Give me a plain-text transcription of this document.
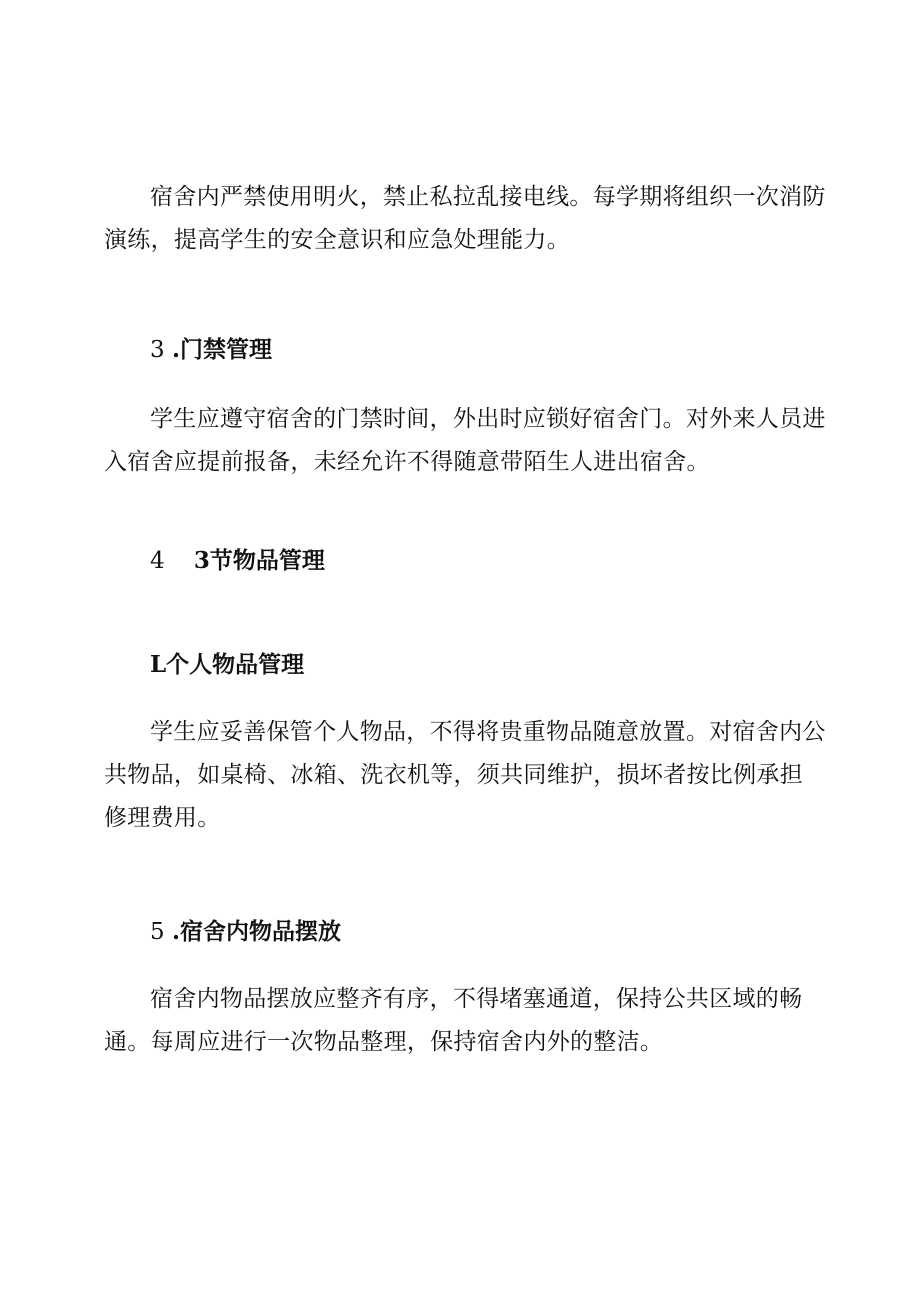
宿舍内严禁使用明火，禁止私拉乱接电线。每学期将组织一次消防演练，提高学生的安全意识和应急处理能力。

3 .门禁管理

学生应遵守宿舍的门禁时间，外出时应锁好宿舍门。对外来人员进入宿舍应提前报备，未经允许不得随意带陌生人进出宿舍。

4    3节物品管理
L个人物品管理

学生应妥善保管个人物品，不得将贵重物品随意放置。对宿舍内公共物品，如桌椅、冰箱、洗衣机等，须共同维护，损坏者按比例承担修理费用。

5 .宿舍内物品摆放

宿舍内物品摆放应整齐有序，不得堵塞通道，保持公共区域的畅通。每周应进行一次物品整理，保持宿舍内外的整洁。
